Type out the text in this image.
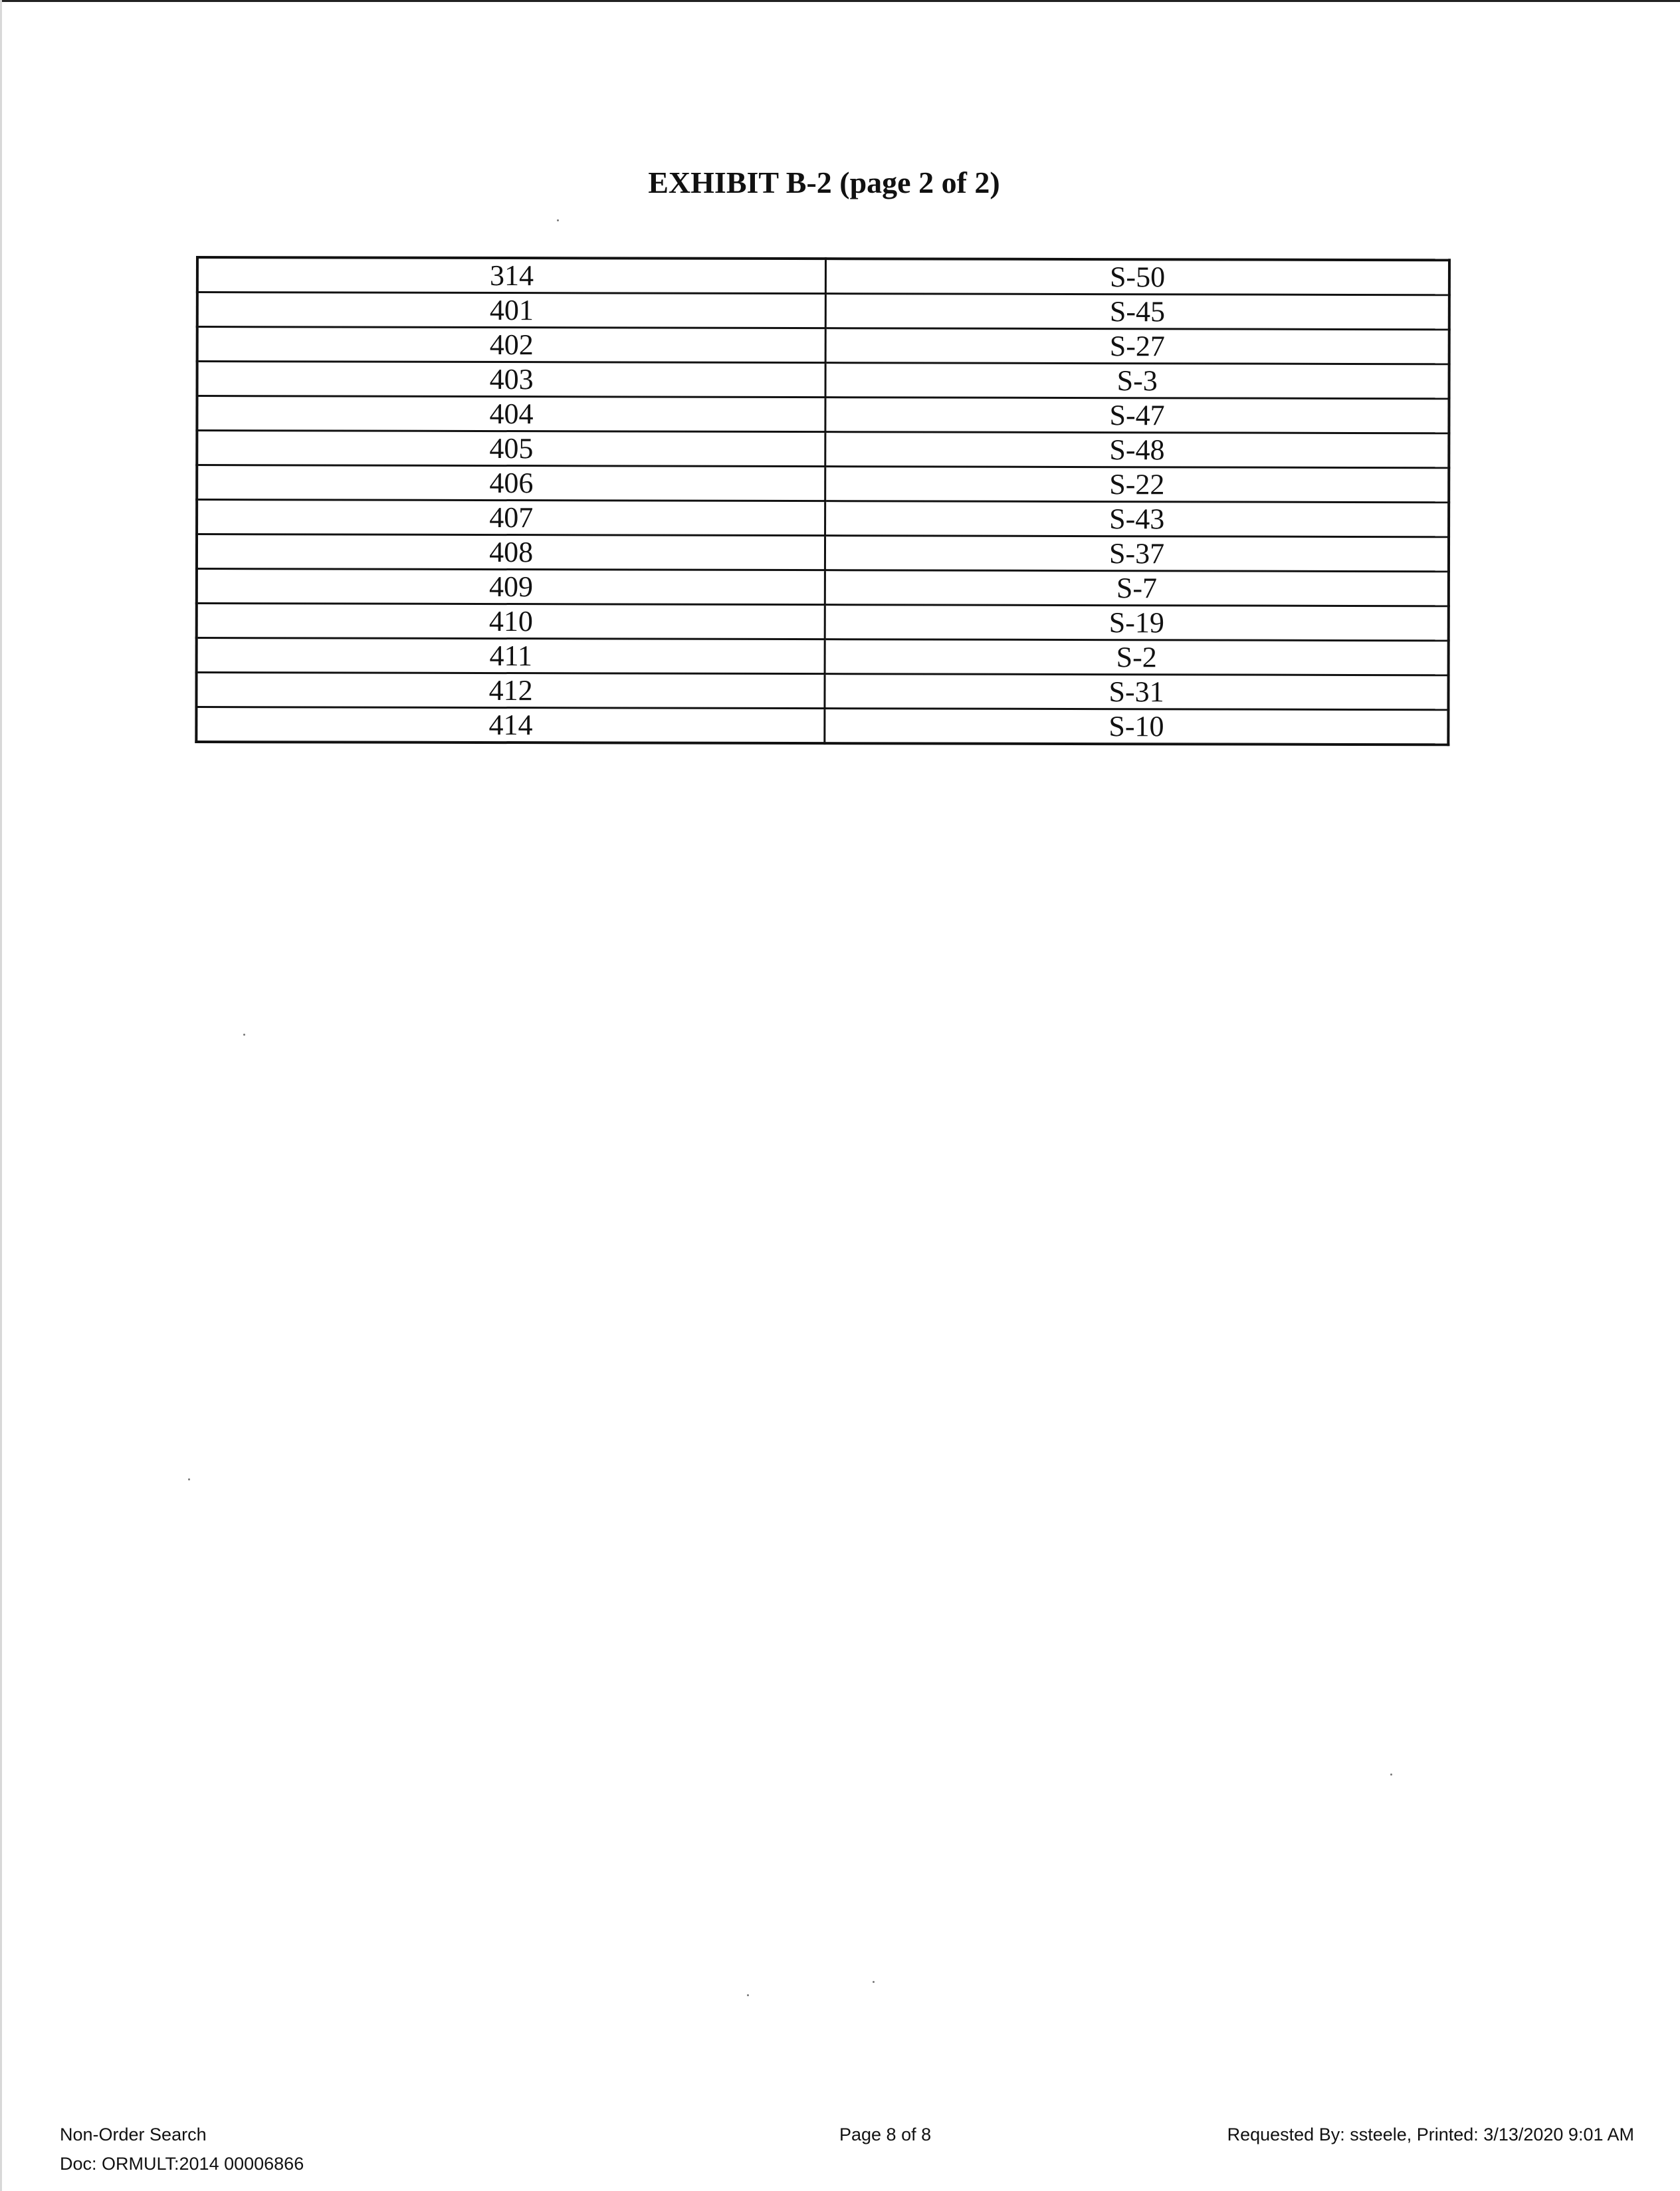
EXHIBIT B-2 (page 2 of 2)
314	S-50
401	S-45
402	S-27
403	S-3
404	S-47
405	S-48
406	S-22
407	S-43
408	S-37
409	S-7
410	S-19
411	S-2
412	S-31
414	S-10
Non-Order Search
Doc: ORMULT:2014 00006866
Page 8 of 8	Requested By: ssteele, Printed: 3/13/2020 9:01 AM
